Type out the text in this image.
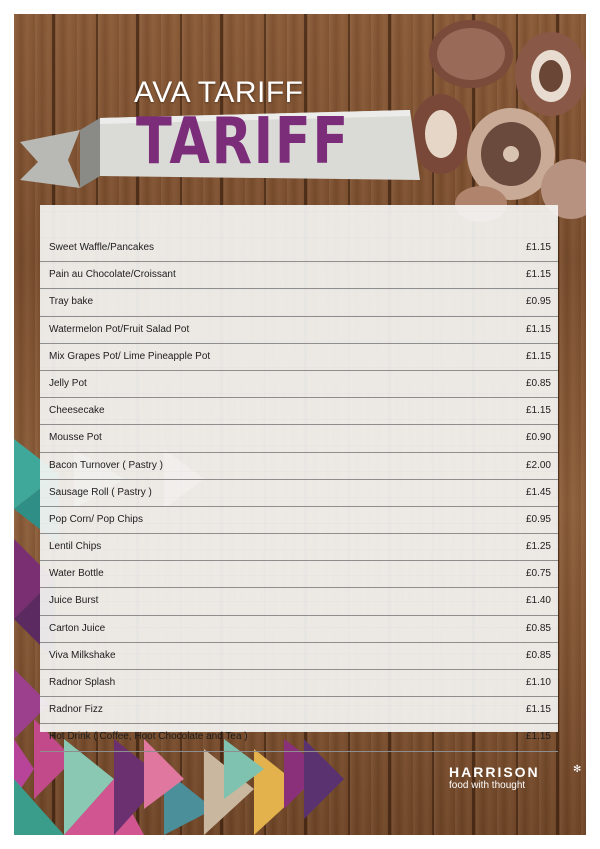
AVA TARIFF
TARIFF
Sweet Waffle/Pancakes	£1.15
Pain au Chocolate/Croissant	£1.15
Tray bake	£0.95
Watermelon Pot/Fruit Salad Pot	£1.15
Mix Grapes Pot/ Lime Pineapple Pot	£1.15
Jelly Pot	£0.85
Cheesecake	£1.15
Mousse Pot	£0.90
Bacon Turnover ( Pastry )	£2.00
Sausage Roll ( Pastry )	£1.45
Pop Corn/ Pop Chips	£0.95
Lentil Chips	£1.25
Water Bottle	£0.75
Juice Burst	£1.40
Carton Juice	£0.85
Viva Milkshake	£0.85
Radnor Splash	£1.10
Radnor Fizz	£1.15
Hot Drink ( Coffee, Hoot Chocolate and Tea )	£1.15
HARRISON
food with thought
✻
